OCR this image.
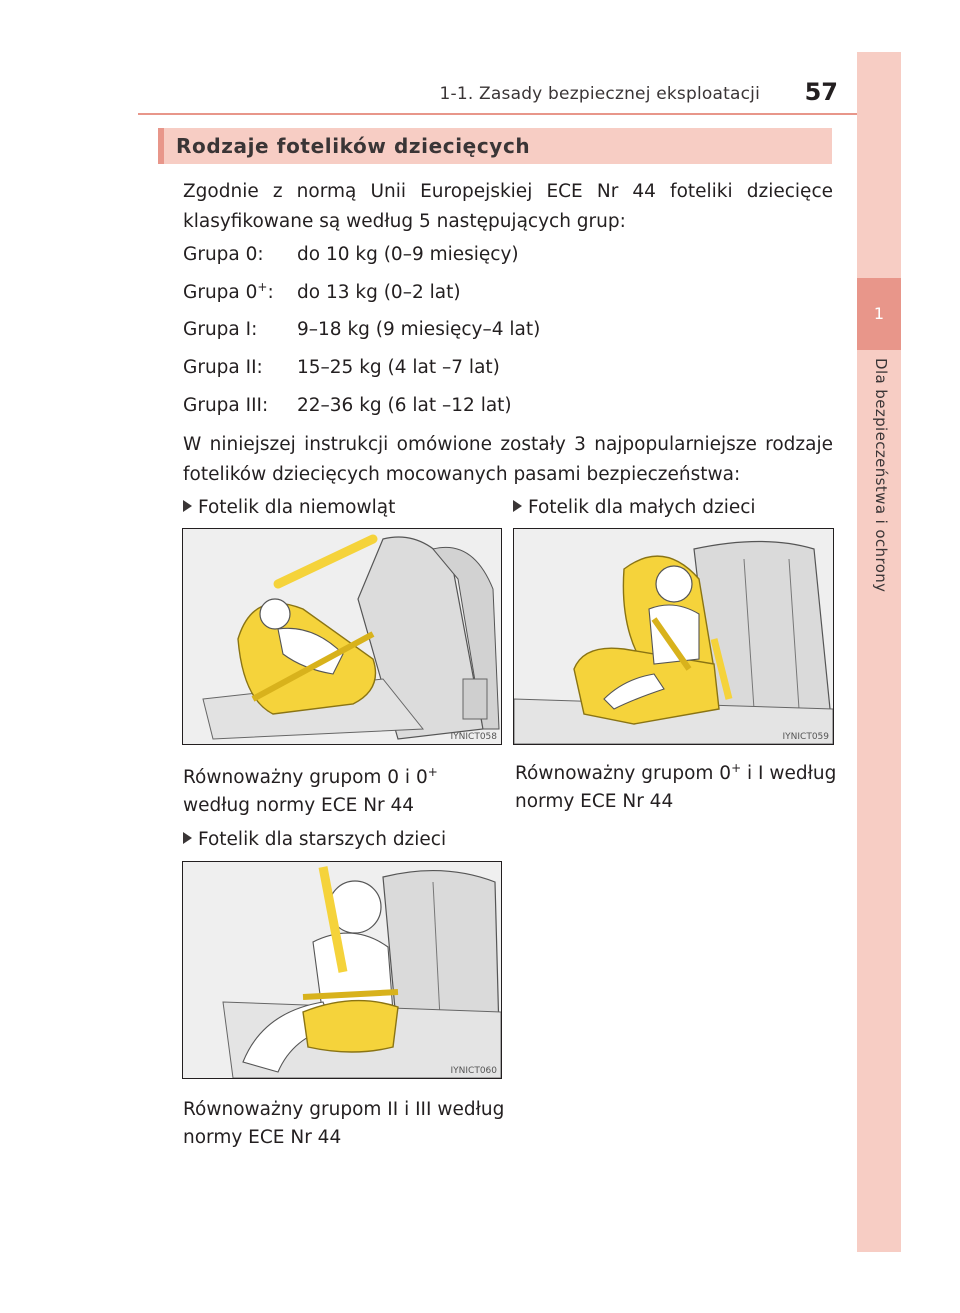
1-1. Zasady bezpiecznej eksploatacji	57
1
Dla bezpieczeństwa i ochrony
Rodzaje fotelików dziecięcych
Zgodnie z normą Unii Europejskiej ECE Nr 44 foteliki dziecięce klasyfikowane są według 5 następujących grup:
Grupa 0: do 10 kg (0–9 miesięcy)
Grupa 0+: do 13 kg (0–2 lat)
Grupa I: 9–18 kg (9 miesięcy–4 lat)
Grupa II: 15–25 kg (4 lat –7 lat)
Grupa III: 22–36 kg (6 lat –12 lat)
W niniejszej instrukcji omówione zostały 3 najpopularniejsze rodzaje fotelików dziecięcych mocowanych pasami bezpieczeństwa:
Fotelik dla niemowląt
IYNICT058
Równoważny grupom 0 i 0+ według normy ECE Nr 44
Fotelik dla małych dzieci
IYNICT059
Równoważny grupom 0+ i I według normy ECE Nr 44
Fotelik dla starszych dzieci
IYNICT060
Równoważny grupom II i III według normy ECE Nr 44
